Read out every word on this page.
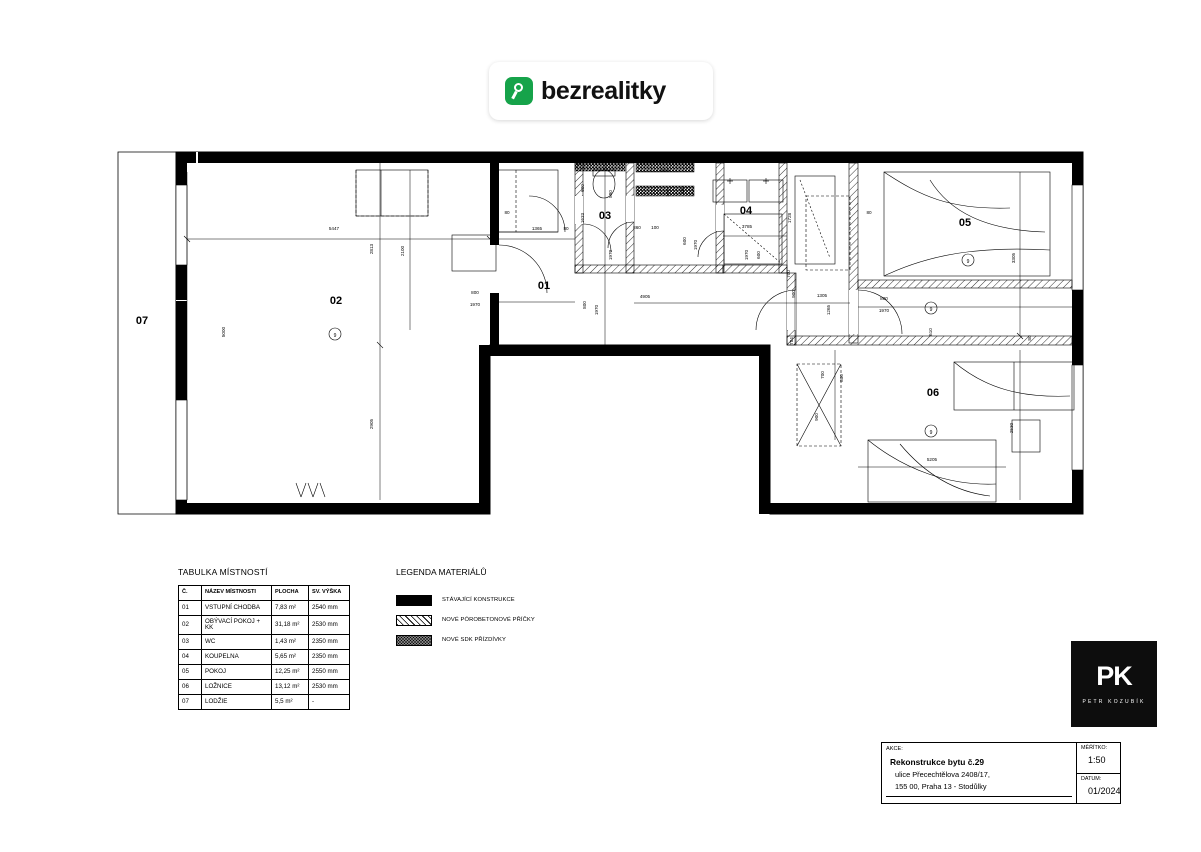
bezrealitky
9
9
9
9
5447
5000
2813
2905
2100
1365
80
80
800
1970	800 1970
1240	630
600
1633
1970
880
860 100
889
100 650
600 1970
4905
3785
1970 600
1728
700
900
784
700
900
1305
1265
80
800
1970
800
610
3305
80
2530
5205
07
02
01
03	04
05
06
TABULKA MÍSTNOSTÍ
Č.	NÁZEV MÍSTNOSTI	PLOCHA	SV. VÝŠKA
01	VSTUPNÍ CHODBA	7,83 m²	2540 mm
02	OBÝVACÍ POKOJ + KK	31,18 m²	2530 mm
03	WC	1,43 m²	2350 mm
04	KOUPELNA	5,65 m²	2350 mm
05	POKOJ	12,25 m²	2550 mm
06	LOŽNICE	13,12 m²	2530 mm
07	LODŽIE	5,5 m²	-
LEGENDA MATERIÁLŮ
STÁVAJÍCÍ KONSTRUKCE
NOVÉ PÓROBETONOVÉ PŘÍČKY
NOVÉ SDK PŘÍZDÍVKY
PK
PETR KOZUBÍK
AKCE:
Rekonstrukce bytu č.29
ulice Přecechtělova 2408/17,
155 00, Praha 13 - Stodůlky
MĚŘÍTKO:
1:50
DATUM:
01/2024
